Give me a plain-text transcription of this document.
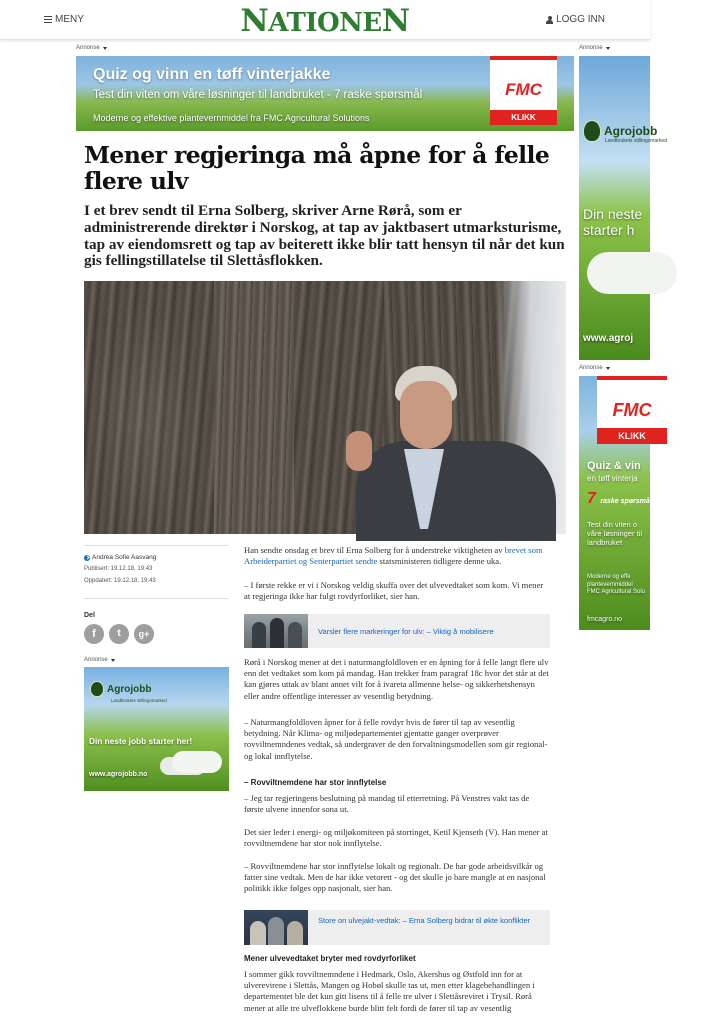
MENY	NATIONEN	LOGG INN
Annonse	Annonse
Annonse
Annonse
Quiz og vinn en tøff vinterjakke
Test din viten om våre løsninger til landbruket - 7 raske spørsmål
Moderne og effektive plantevernmiddel fra FMC Agricultural Solutions
FMC
KLIKK
Mener regjeringa må åpne for å felle flere ulv

I et brev sendt til Erna Solberg, skriver Arne Rørå, som er administrerende direktør i Norskog, at tap av jaktbasert utmarksturisme, tap av eiendomsrett og tap av beiterett ikke blir tatt hensyn til når det kun gis fellingstillatelse til Slettåsflokken.

Andrea Sofie Aasvang
Publisert: 19.12.18, 19:43
Oppdatert: 19.12.18, 19:43
Del
f	t	g+
Agrojobb
Landbrukets stillingsmarked
Din neste jobb starter her!
www.agrojobb.no
Agrojobb
Landbrukets stillingsmarked
Din neste
starter h
www.agroj
FMC
KLIKK
Quiz & vin
en tøff vinterja
7 raske spørsmål
Test din viten o
våre løsninger til
landbruket
Moderne og effe
plantevernmiddel
FMC Agricultural Solu
fmcagro.no

Han sendte onsdag et brev til Erna Solberg for å understreke viktigheten av brevet som Arbeiderpartiet og Senterpartiet sendte statsministeren tidligere denne uka.

– I første rekke er vi i Norskog veldig skuffa over det ulvevedtaket som kom. Vi mener at regjeringa ikke har fulgt rovdyrforliket, sier han.

Varsler flere markeringer for ulv: – Viktig å mobilisere

Rørå i Norskog mener at det i naturmangfoldloven er en åpning for å felle langt flere ulv enn det vedtaket som kom på mandag. Han trekker fram paragraf 18c hvor det står at det kan gjøres uttak av blant annet vilt for å ivareta allmenne helse- og sikkerhetshensyn eller andre offentlige interesser av vesentlig betydning.

– Naturmangfoldloven åpner for å felle rovdyr hvis de fører til tap av vesentlig betydning. Når Klima- og miljødepartementet gjentatte ganger overprøver rovviltnemndenes vedtak, så undergraver de den forvaltningsmodellen som gir regional- og lokal innflytelse.

– Rovviltnemdene har stor innflytelse

– Jeg tar regjeringens beslutning på mandag til etterretning. På Venstres vakt tas de første ulvene innenfor sona ut.

Det sier leder i energi- og miljøkomiteen på stortinget, Ketil Kjenseth (V). Han mener at rovviltnemdene har stor nok innflytelse.

– Rovviltnemdene har stor innflytelse lokalt og regionalt. De har gode arbeidsvilkår og fatter sine vedtak. Men de har ikke vetorett - og det skulle jo bare mangle at en nasjonal politikk ikke følges opp nasjonalt, sier han.

Store on ulvejakt-vedtak: – Erna Solberg bidrar til økte konflikter
Mener ulvevedtaket bryter med rovdyrforliket

I sommer gikk rovviltnemndene i Hedmark, Oslo, Akershus og Østfold inn for at ulverevirene i Slettås, Mangen og Hobøl skulle tas ut, men etter klagebehandlingen i departementet ble det kun gitt lisens til å felle tre ulver i Slettåsreviret i Trysil. Rørå mener at alle tre ulveflokkene burde blitt felt fordi de fører til tap av vesentlig
